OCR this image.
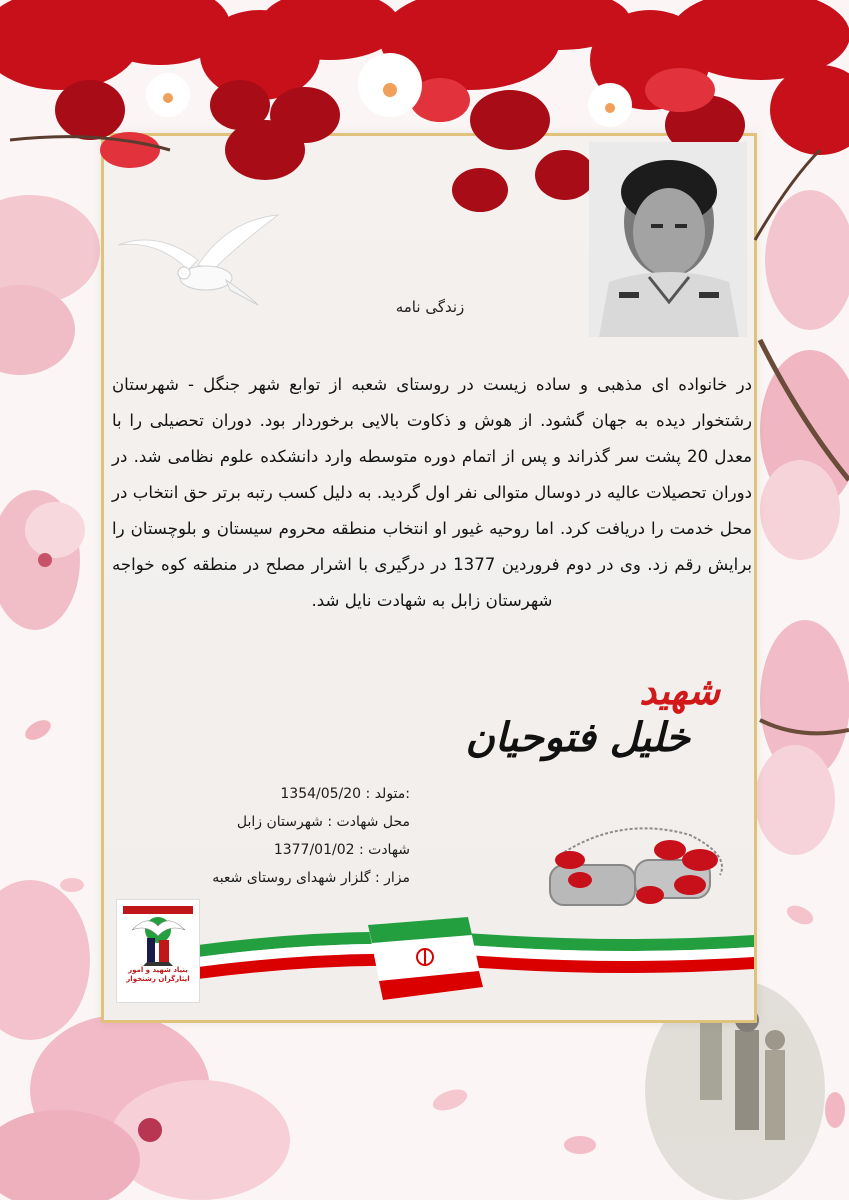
زندگی نامه
در خانواده ای مذهبی و ساده زیست در روستای شعبه از توابع شهر جنگل - شهرستان رشتخوار دیده به جهان گشود. از هوش و ذکاوت بالایی برخوردار بود. دوران تحصیلی را با معدل 20 پشت سر گذراند و پس از اتمام دوره متوسطه وارد دانشکده علوم نظامی شد. در دوران تحصیلات عالیه در دوسال متوالی نفر اول گردید. به دلیل کسب رتبه برتر حق انتخاب در محل خدمت را دریافت کرد. اما روحیه غیور او انتخاب منطقه محروم سیستان و بلوچستان را برایش رقم زد. وی در دوم فروردین 1377 در درگیری با اشرار مصلح در منطقه کوه خواجه شهرستان زابل به شهادت نایل شد.
شهید
خلیل فتوحیان
:متولد : 1354/05/20
محل شهادت : شهرستان زابل
شهادت : 1377/01/02
مزار : گلزار شهدای روستای شعبه
بنیاد شهید و امور ایثارگران رشتخوار
